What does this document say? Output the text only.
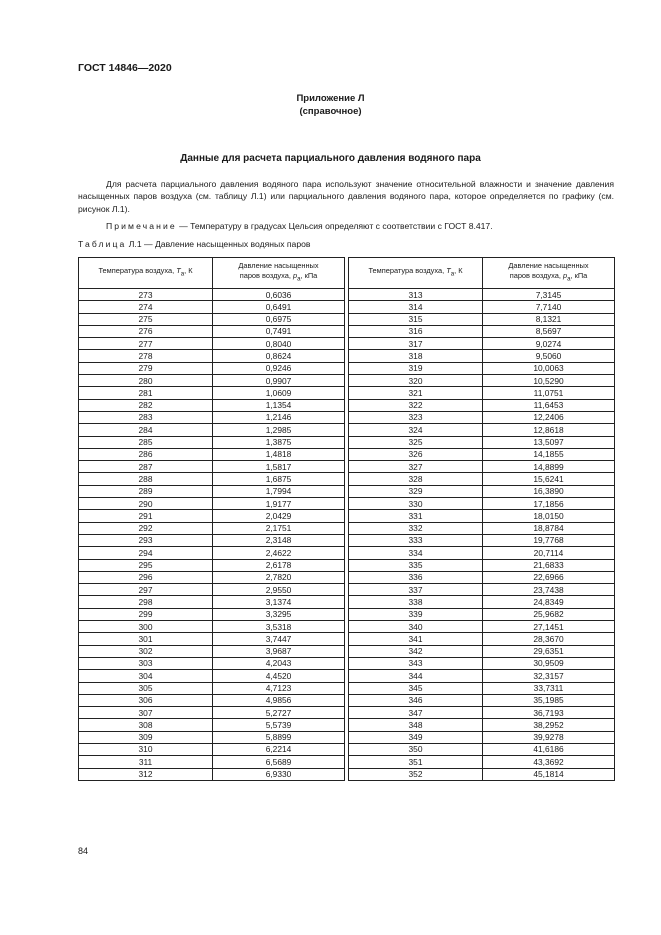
ГОСТ 14846—2020
Приложение Л
(справочное)
Данные для расчета парциального давления водяного пара

Для расчета парциального давления водяного пара используют значение относительной влажности и значение давления насыщенных паров воздуха (см. таблицу Л.1) или парциального давления водяного пара, которое определяется по графику (см. рисунок Л.1).

Примечание — Температуру в градусах Цельсия определяют с соответствии с ГОСТ 8.417.
Таблица Л.1 — Давление насыщенных водяных паров
Температура воздуха, $T_a$, К	Давление насыщенных
паров воздуха, $p_a$, кПа		Температура воздуха, $T_a$, К	Давление насыщенных
паров воздуха, $p_a$, кПа
273	0,6036		313	7,3145
274	0,6491		314	7,7140
275	0,6975		315	8,1321
276	0,7491		316	8,5697
277	0,8040		317	9,0274
278	0,8624		318	9,5060
279	0,9246		319	10,0063
280	0,9907		320	10,5290
281	1,0609		321	11,0751
282	1,1354		322	11,6453
283	1,2146		323	12,2406
284	1,2985		324	12,8618
285	1,3875		325	13,5097
286	1,4818		326	14,1855
287	1,5817		327	14,8899
288	1,6875		328	15,6241
289	1,7994		329	16,3890
290	1,9177		330	17,1856
291	2,0429		331	18,0150
292	2,1751		332	18,8784
293	2,3148		333	19,7768
294	2,4622		334	20,7114
295	2,6178		335	21,6833
296	2,7820		336	22,6966
297	2,9550		337	23,7438
298	3,1374		338	24,8349
299	3,3295		339	25,9682
300	3,5318		340	27,1451
301	3,7447		341	28,3670
302	3,9687		342	29,6351
303	4,2043		343	30,9509
304	4,4520		344	32,3157
305	4,7123		345	33,7311
306	4,9856		346	35,1985
307	5,2727		347	36,7193
308	5,5739		348	38,2952
309	5,8899		349	39,9278
310	6,2214		350	41,6186
311	6,5689		351	43,3692
312	6,9330		352	45,1814
84
